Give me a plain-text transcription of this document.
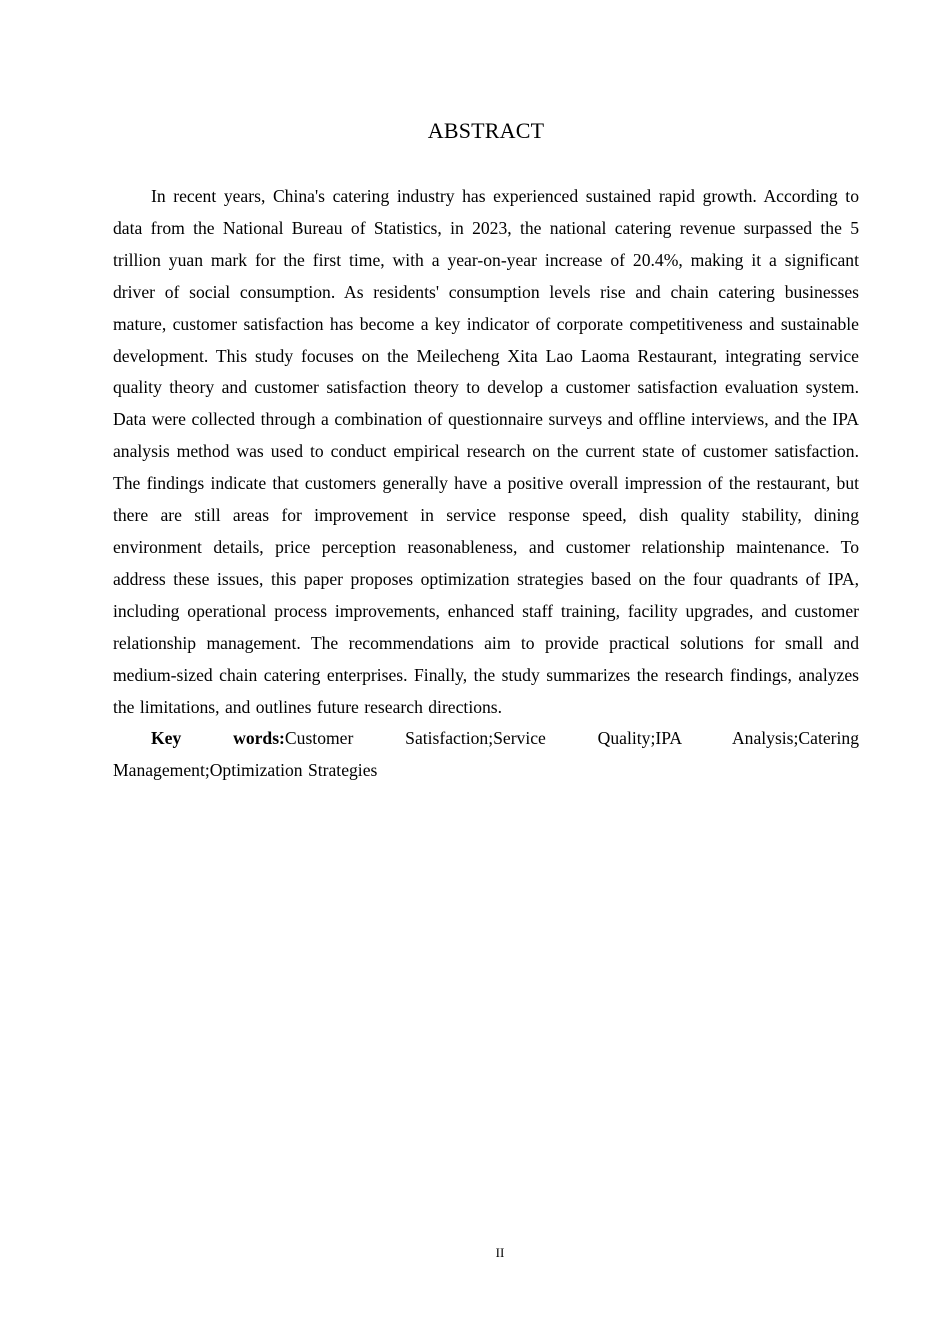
ABSTRACT

In recent years, China's catering industry has experienced sustained rapid growth. According to data from the National Bureau of Statistics, in 2023, the national catering revenue surpassed the 5 trillion yuan mark for the first time, with a year-on-year increase of 20.4%, making it a significant driver of social consumption. As residents' consumption levels rise and chain catering businesses mature, customer satisfaction has become a key indicator of corporate competitiveness and sustainable development. This study focuses on the Meilecheng Xita Lao Laoma Restaurant, integrating service quality theory and customer satisfaction theory to develop a customer satisfaction evaluation system. Data were collected through a combination of questionnaire surveys and offline interviews, and the IPA analysis method was used to conduct empirical research on the current state of customer satisfaction. The findings indicate that customers generally have a positive overall impression of the restaurant, but there are still areas for improvement in service response speed, dish quality stability, dining environment details, price perception reasonableness, and customer relationship maintenance. To address these issues, this paper proposes optimization strategies based on the four quadrants of IPA, including operational process improvements, enhanced staff training, facility upgrades, and customer relationship management. The recommendations aim to provide practical solutions for small and medium-sized chain catering enterprises. Finally, the study summarizes the research findings, analyzes the limitations, and outlines future research directions.

Key words:Customer Satisfaction;Service Quality;IPA Analysis;Catering Management;Optimization Strategies

II
